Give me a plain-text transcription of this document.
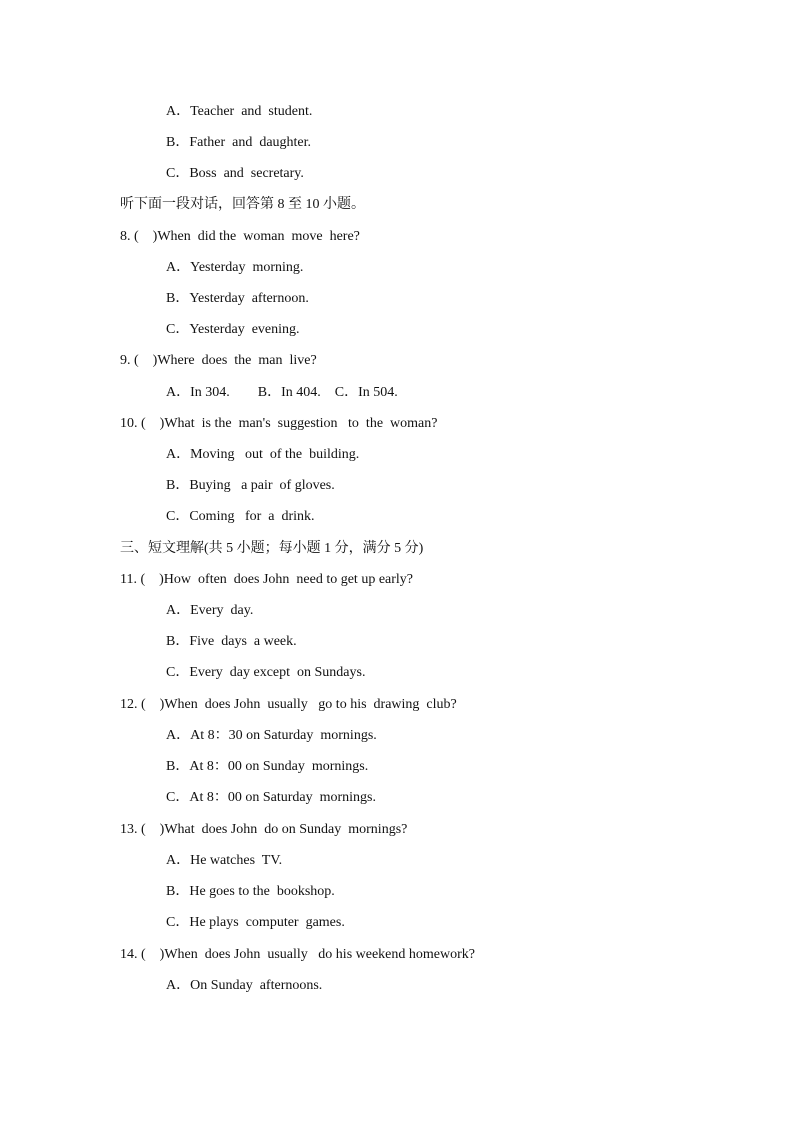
A．Teacher  and  student.
B．Father  and  daughter.
C．Boss  and  secretary.
听下面一段对话，回答第 8 至 10 小题。
8. (    )When  did the  woman  move  here?
A．Yesterday  morning.
B．Yesterday  afternoon.
C．Yesterday  evening.
9. (    )Where  does  the  man  live?
A．In 304.        B．In 404.    C．In 504.
10. (    )What  is the  man's  suggestion   to  the  woman?
A．Moving   out  of the  building.
B．Buying   a pair  of gloves.
C．Coming   for  a  drink.
三、短文理解(共 5 小题；每小题 1 分，满分 5 分)
11. (    )How  often  does John  need to get up early?
A．Every  day.
B．Five  days  a week.
C．Every  day except  on Sundays.
12. (    )When  does John  usually   go to his  drawing  club?
A．At 8：30 on Saturday  mornings.
B．At 8：00 on Sunday  mornings.
C．At 8：00 on Saturday  mornings.
13. (    )What  does John  do on Sunday  mornings?
A．He watches  TV.
B．He goes to the  bookshop.
C．He plays  computer  games.
14. (    )When  does John  usually   do his weekend homework?
A．On Sunday  afternoons.
